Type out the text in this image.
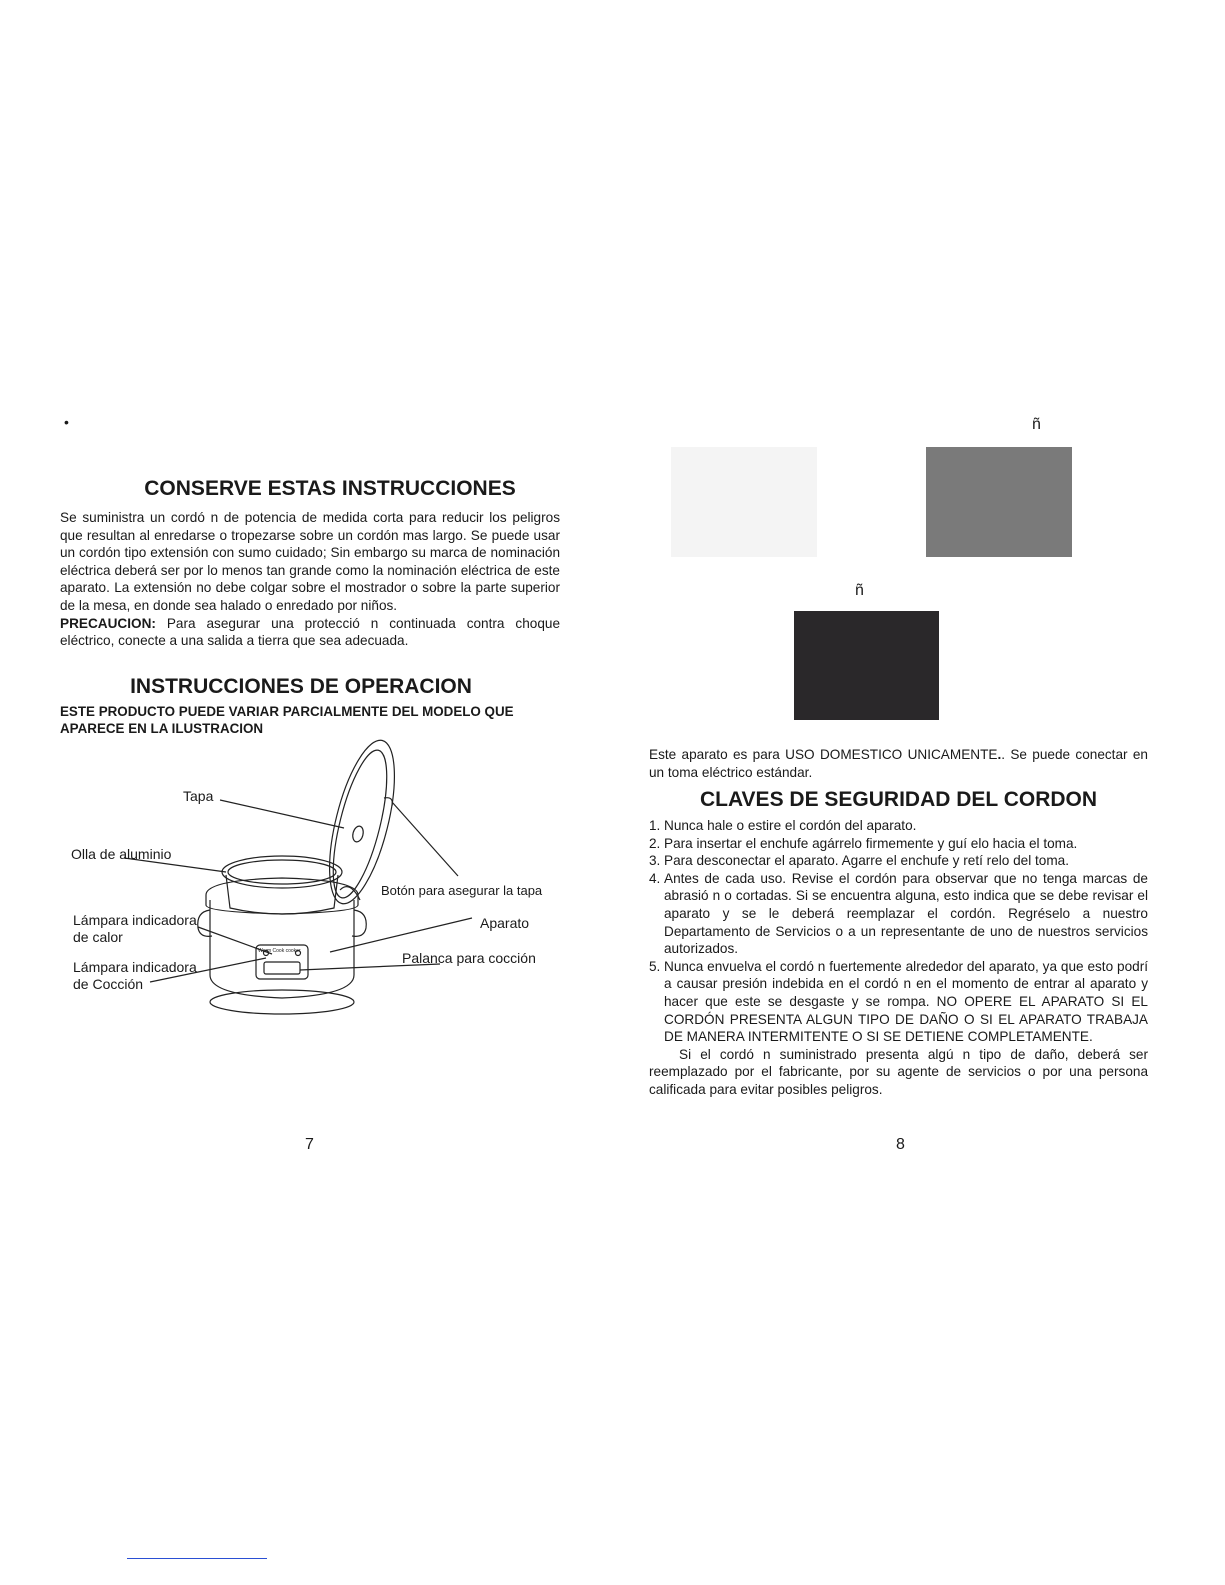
•	ñ
ñ
CONSERVE ESTAS INSTRUCCIONES

Se suministra un cordó n de potencia de medida corta para reducir los peligros que resultan al enredarse o tropezarse sobre un cordón mas largo. Se puede usar un cordón tipo extensión con sumo cuidado; Sin embargo su marca de nominación eléctrica deberá ser por lo menos tan grande como la nominación eléctrica de este aparato. La extensión no debe colgar sobre el mostrador o sobre la parte superior de la mesa, en donde sea halado o enredado por niños.

PRECAUCION: Para asegurar una protecció n continuada contra choque eléctrico, conecte a una salida a tierra que sea adecuada.

INSTRUCCIONES DE OPERACION
ESTE PRODUCTO PUEDE VARIAR PARCIALMENTE DEL MODELO QUE APARECE EN LA ILUSTRACION
Warm Cook cooker
Tapa
Olla de aluminio
Botón para asegurar la tapa
Lámpara indicadora
de calor
Aparato
Palanca para cocción
Lámpara indicadora
de Cocción
7

Este aparato es para USO DOMESTICO UNICAMENTE.. Se puede conectar en un toma eléctrico estándar.

CLAVES DE SEGURIDAD DEL CORDON
1. Nunca hale o estire el cordón del aparato.
2. Para insertar el enchufe agárrelo firmemente y guí elo hacia el toma.
3. Para desconectar el aparato. Agarre el enchufe y retí relo del toma.
4. Antes de cada uso. Revise el cordón para observar que no tenga marcas de abrasió n o cortadas. Si se encuentra alguna, esto indica que se debe revisar el aparato y se le deberá reemplazar el cordón. Regréselo a nuestro Departamento de Servicios o a un representante de uno de nuestros servicios autorizados.
5. Nunca envuelva el cordó n fuertemente alrededor del aparato, ya que esto podrí a causar presión indebida en el cordó n en el momento de entrar al aparato y hacer que este se desgaste y se rompa. NO OPERE EL APARATO SI EL CORDÓN PRESENTA ALGUN TIPO DE DAÑO O SI EL APARATO TRABAJA DE MANERA INTERMITENTE O SI SE DETIENE COMPLETAMENTE.

Si el cordó n suministrado presenta algú n tipo de daño, deberá ser reemplazado por el fabricante, por su agente de servicios o por una persona calificada para evitar posibles peligros.

8
